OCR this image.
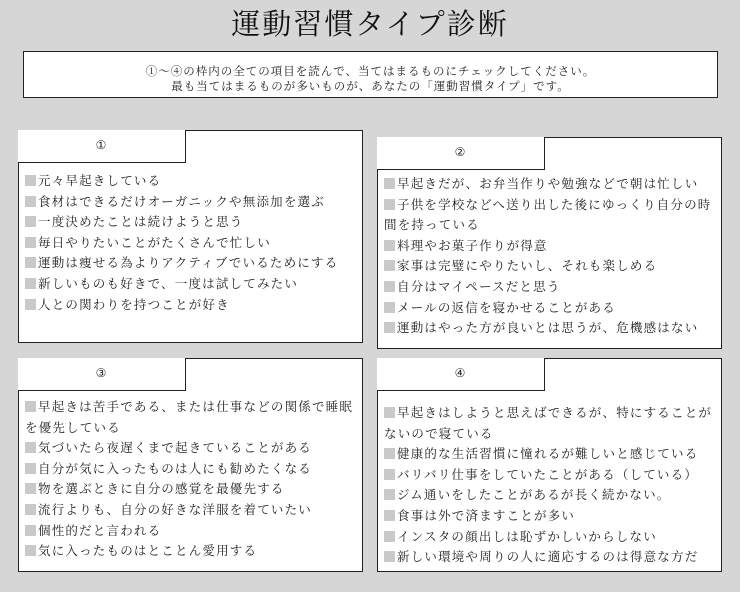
運動習慣タイプ診断
①～④の枠内の全ての項目を読んで、当てはまるものにチェックしてください。
最も当てはまるものが多いものが、あなたの「運動習慣タイプ」です。
①
元々早起きしている
食材はできるだけオーガニックや無添加を選ぶ
一度決めたことは続けようと思う
毎日やりたいことがたくさんで忙しい
運動は痩せる為よりアクティブでいるためにする
新しいものも好きで、一度は試してみたい
人との関わりを持つことが好き
②
早起きだが、お弁当作りや勉強などで朝は忙しい
子供を学校などへ送り出した後にゆっくり自分の時間を持っている
料理やお菓子作りが得意
家事は完璧にやりたいし、それも楽しめる
自分はマイペースだと思う
メールの返信を寝かせることがある
運動はやった方が良いとは思うが、危機感はない
③
早起きは苦手である、または仕事などの関係で睡眠を優先している
気づいたら夜遅くまで起きていることがある
自分が気に入ったものは人にも勧めたくなる
物を選ぶときに自分の感覚を最優先する
流行よりも、自分の好きな洋服を着ていたい
個性的だと言われる
気に入ったものはとことん愛用する
④
早起きはしようと思えばできるが、特にすることがないので寝ている
健康的な生活習慣に憧れるが難しいと感じている
バリバリ仕事をしていたことがある（している）
ジム通いをしたことがあるが長く続かない。
食事は外で済ますことが多い
インスタの顔出しは恥ずかしいからしない
新しい環境や周りの人に適応するのは得意な方だ
